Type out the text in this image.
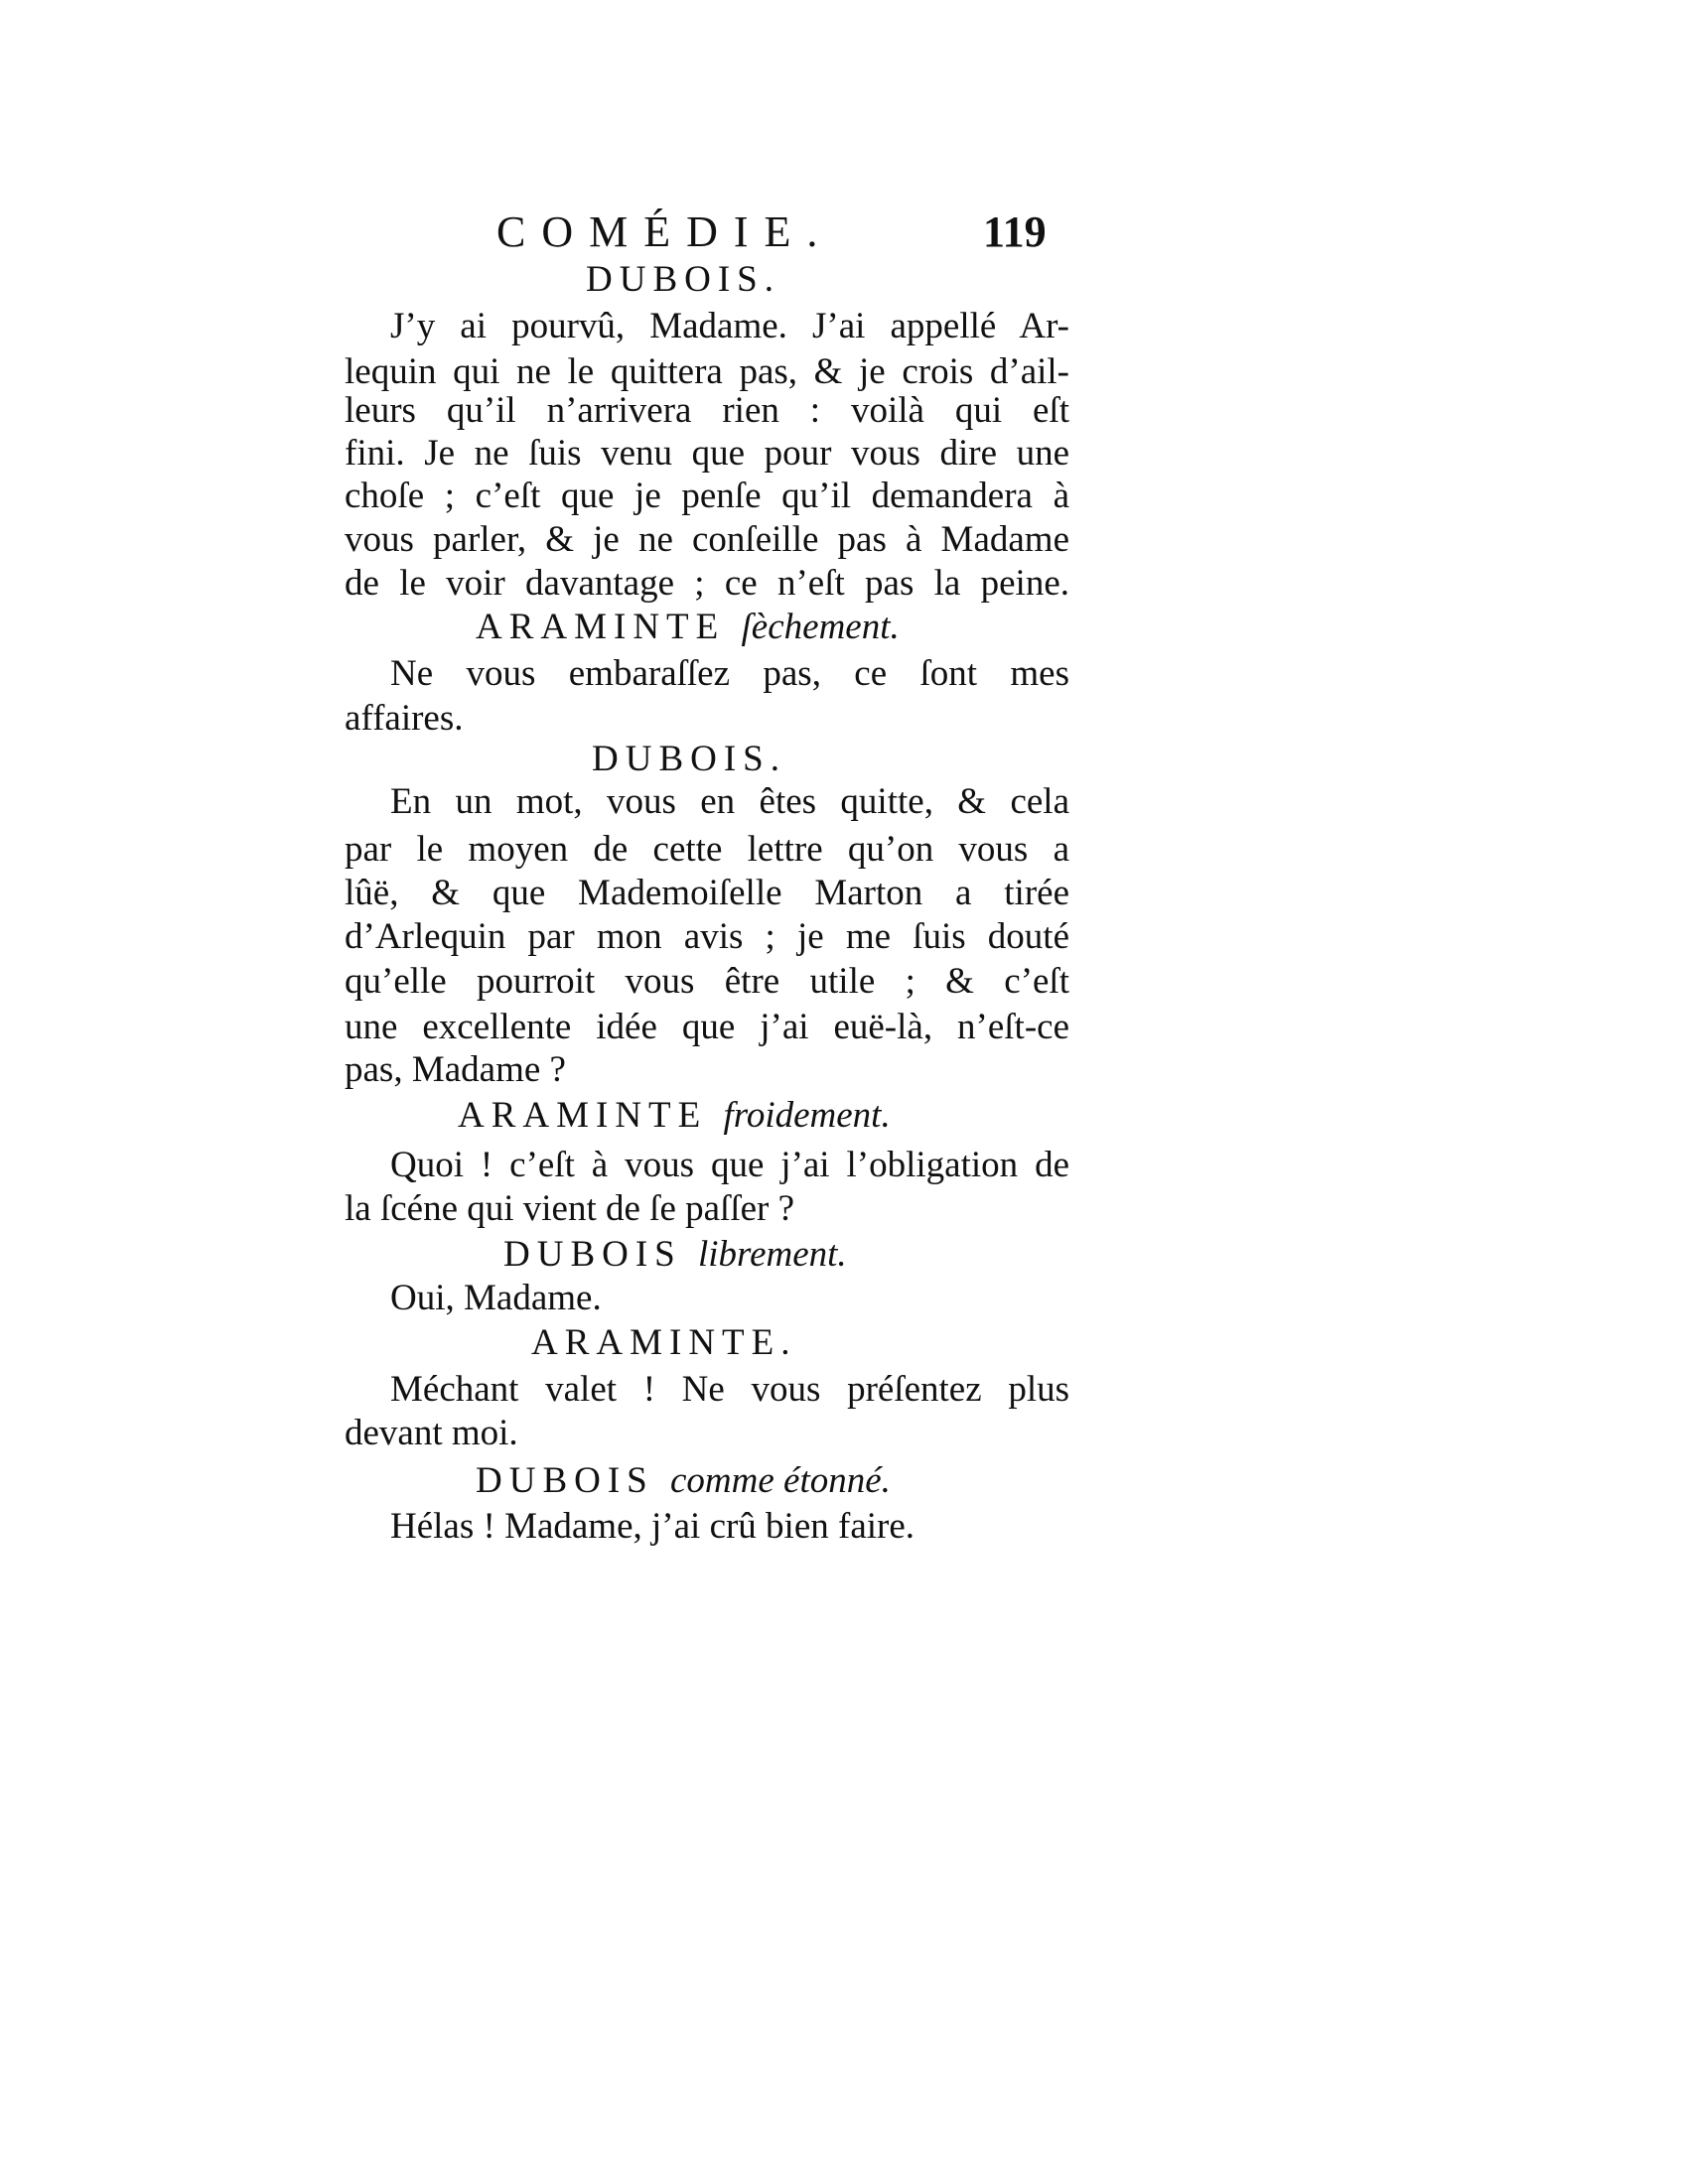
COMÉDIE.	119
DUBOIS.
J’y ai pourvû, Madame. J’ai appellé Ar-
lequin qui ne le quittera pas, & je crois d’ail-
leurs qu’il n’arrivera rien : voilà qui eſt
fini. Je ne ſuis venu que pour vous dire une
choſe ; c’eſt que je penſe qu’il demandera à
vous parler, & je ne conſeille pas à Madame
de le voir davantage ; ce n’eſt pas la peine.
ARAMINTE ſèchement.
Ne vous embaraſſez pas, ce ſont mes
affaires.
DUBOIS.
En un mot, vous en êtes quitte, & cela
par le moyen de cette lettre qu’on vous a
lûë, & que Mademoiſelle Marton a tirée
d’Arlequin par mon avis ; je me ſuis douté
qu’elle pourroit vous être utile ; & c’eſt
une excellente idée que j’ai euë-là, n’eſt-ce
pas, Madame ?
ARAMINTE froidement.
Quoi ! c’eſt à vous que j’ai l’obligation de
la ſcéne qui vient de ſe paſſer ?
DUBOIS librement.
Oui, Madame.
ARAMINTE.
Méchant valet ! Ne vous préſentez plus
devant moi.
DUBOIS comme étonné.
Hélas ! Madame, j’ai crû bien faire.
